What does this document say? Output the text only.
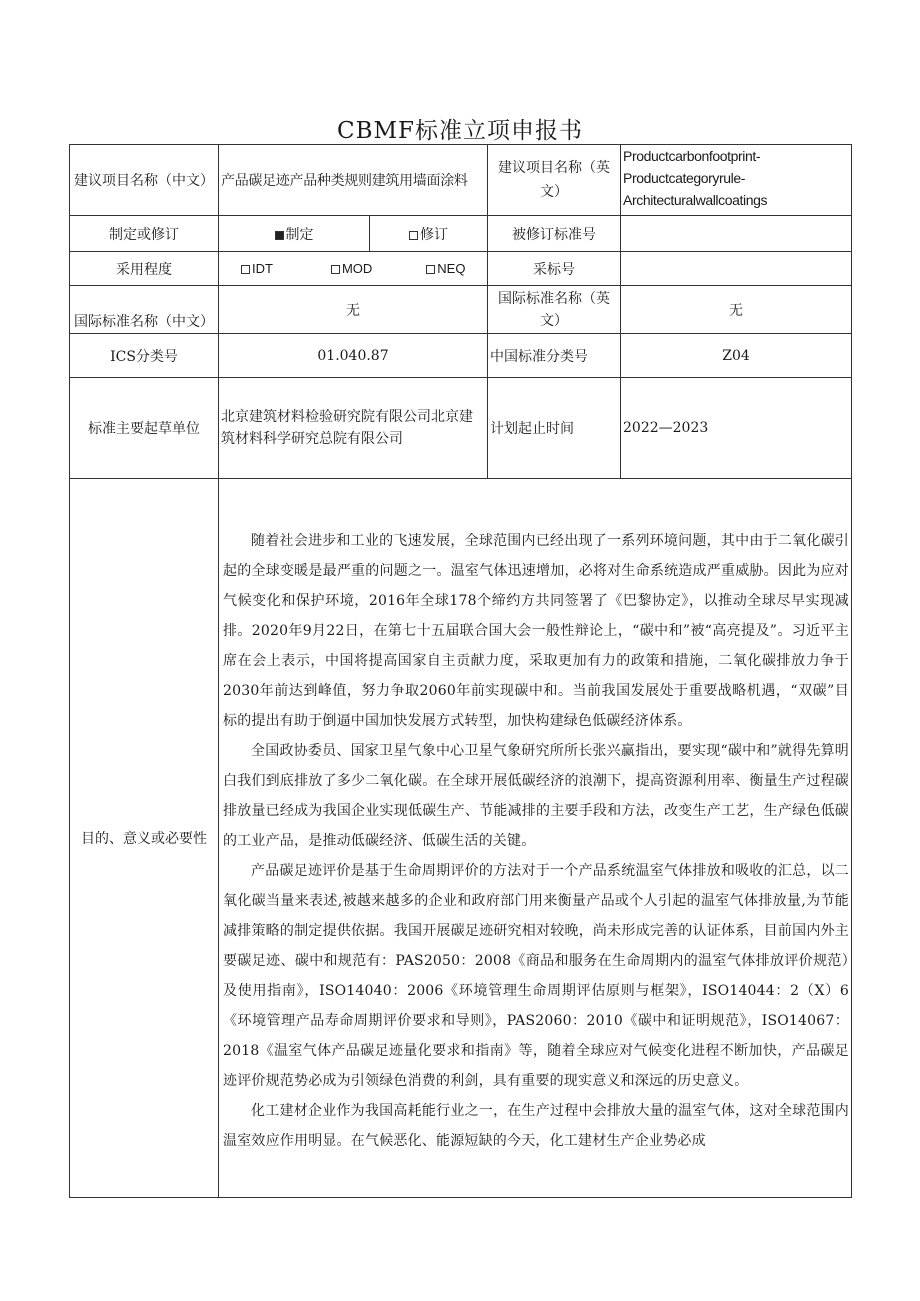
CBMF标准立项申报书
建议项目名称（中文）	产品碳足迹产品种类规则建筑用墙面涂料		建议项目名称（英文）	Productcarbonfootprint-
Productcategoryrule-
Architecturalwallcoatings

制定或修订	制定	修订	被修订标准号	
采用程度	IDT MOD NEQ		采标号	
国际标准名称（中文）	无		国际标准名称（英文）	无
ICS分类号	01.040.87		中国标准分类号	Z04
标准主要起草单位	北京建筑材料检验研究院有限公司北京建筑材料科学研究总院有限公司		计划起止时间	2022—2023
目的、意义或必要性	随着社会进步和工业的飞速发展，全球范围内已经出现了一系列环境问题，其中由于二氧化碳引起的全球变暖是最严重的问题之一。温室气体迅速增加，必将对生命系统造成严重威胁。因此为应对气候变化和保护环境，2016年全球178个缔约方共同签署了《巴黎协定》，以推动全球尽早实现减排。2020年9月22日，在第七十五届联合国大会一般性辩论上，“碳中和”被“高亮提及”。习近平主席在会上表示，中国将提高国家自主贡献力度，采取更加有力的政策和措施，二氧化碳排放力争于2030年前达到峰值，努力争取2060年前实现碳中和。当前我国发展处于重要战略机遇，“双碳”目标的提出有助于倒逼中国加快发展方式转型，加快构建绿色低碳经济体系。

全国政协委员、国家卫星气象中心卫星气象研究所所长张兴赢指出，要实现“碳中和”就得先算明白我们到底排放了多少二氧化碳。在全球开展低碳经济的浪潮下，提高资源利用率、衡量生产过程碳排放量已经成为我国企业实现低碳生产、节能减排的主要手段和方法，改变生产工艺，生产绿色低碳的工业产品，是推动低碳经济、低碳生活的关键。

产品碳足迹评价是基于生命周期评价的方法对于一个产品系统温室气体排放和吸收的汇总，以二氧化碳当量来表述,被越来越多的企业和政府部门用来衡量产品或个人引起的温室气体排放量,为节能减排策略的制定提供依据。我国开展碳足迹研究相对较晚，尚未形成完善的认证体系，目前国内外主要碳足迹、碳中和规范有：PAS2050：2008《商品和服务在生命周期内的温室气体排放评价规范）及使用指南》，ISO14040：2006《环境管理生命周期评估原则与框架》，ISO14044：2（X）6《环境管理产品寿命周期评价要求和导则》，PAS2060：2010《碳中和证明规范》，ISO14067：2018《温室气体产品碳足迹量化要求和指南》等，随着全球应对气候变化进程不断加快，产品碳足迹评价规范势必成为引领绿色消费的利剑，具有重要的现实意义和深远的历史意义。

化工建材企业作为我国高耗能行业之一，在生产过程中会排放大量的温室气体，这对全球范围内温室效应作用明显。在气候恶化、能源短缺的今天，化工建材生产企业势必成			
